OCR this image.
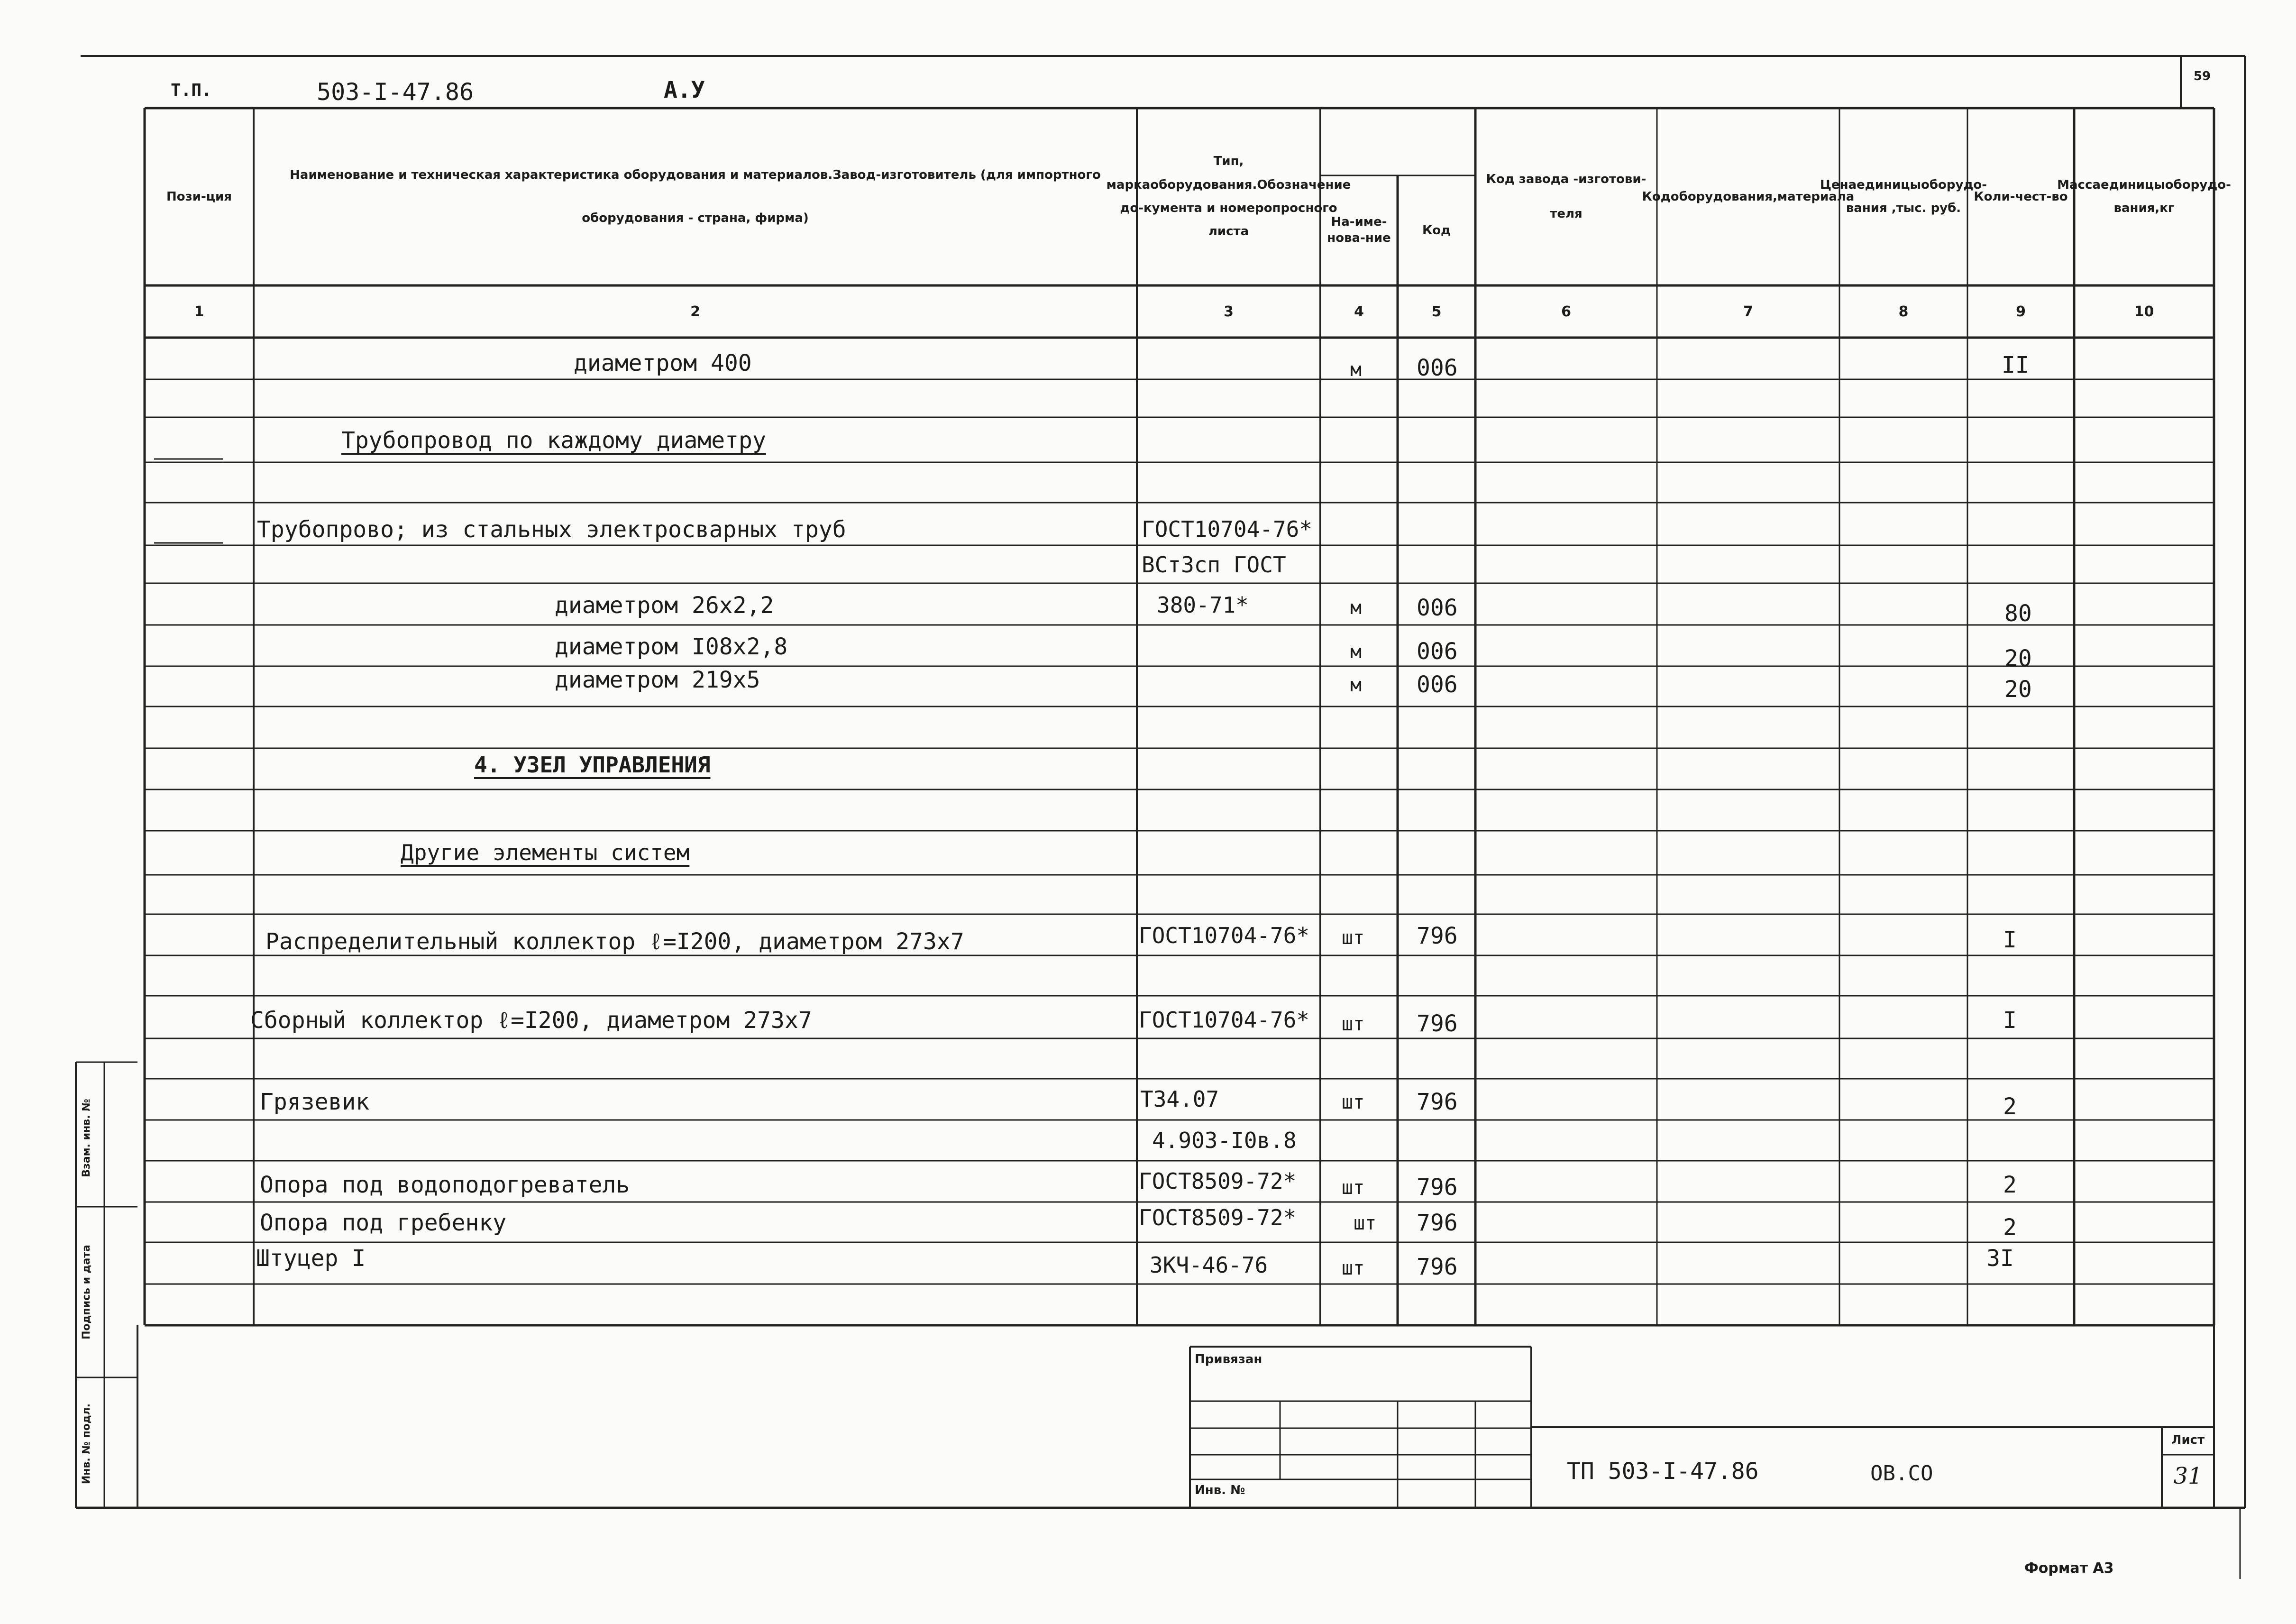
59
Т.П.	503-I-47.86	А.У
Пози-ция
Наименование и техническая характеристика оборудования и материалов.Завод-изготовитель (для импортного оборудования - страна, фирма)
Тип, маркаоборудования.Обозначение до-кумента и номеропросного листа
На-име-нова-ние
Код
Код завода -изготови-теля
Кодоборудования,материала
Ценаединицыоборудо-вания ,тыс. руб.
Коли-чест-во
Массаединицыоборудо-вания,кг
1	2	3	4	5	6	7	8	9	10
диаметром 400	м 006	II
Трубопровод по каждому диаметру
Трубопрово; из стальных электросварных труб	ГОСТ10704-76*
ВСт3сп ГОСТ
диаметром 26х2,2	380-71*	м 006	80
диаметром I08х2,8	м 006	20
диаметром 219х5	м 006	20
4. УЗЕЛ УПРАВЛЕНИЯ
Другие элементы систем
Распределительный коллектор ℓ=I200, диаметром 273х7	ГОСТ10704-76* шт 796	I
Сборный коллектор ℓ=I200, диаметром 273х7	ГОСТ10704-76* шт 796	I
Грязевик	Т34.07	шт 796	2
4.903-I0в.8
Опора под водоподогреватель	ГОСТ8509-72* шт 796	2
Опора под гребенку	ГОСТ8509-72*	шт 796	2
Штуцер I	ЗКЧ-46-76	шт 796	3I
Взам. инв. №
Подпись и дата
Инв. № подл.
Привязан
Инв. №
ТП 503-I-47.86	ОВ.СО
Лист
31
Формат А3
